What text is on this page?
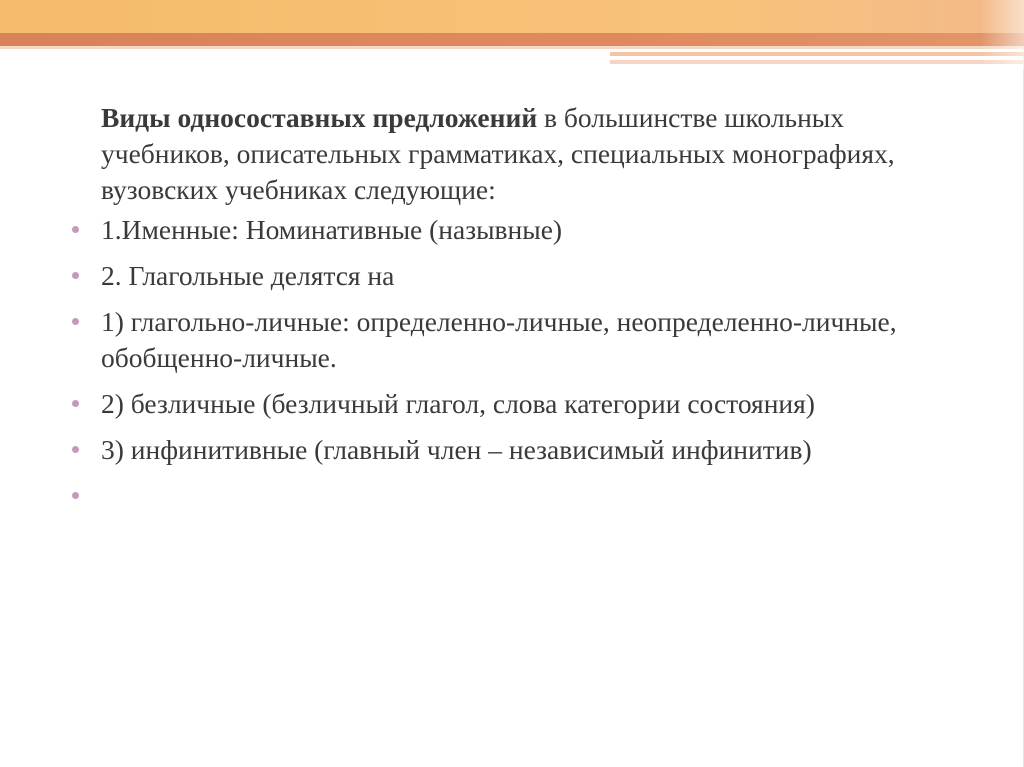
Виды односоставных предложений в большинстве школьных учебников, описательных грамматиках, специальных монографиях, вузовских учебниках следующие:

1.Именные: Номинативные (назывные)
2. Глагольные делятся на
1) глагольно-личные: определенно-личные, неопределенно-личные, обобщенно-личные.
2) безличные (безличный глагол, слова категории состояния)
3) инфинитивные (главный член – независимый инфинитив)
